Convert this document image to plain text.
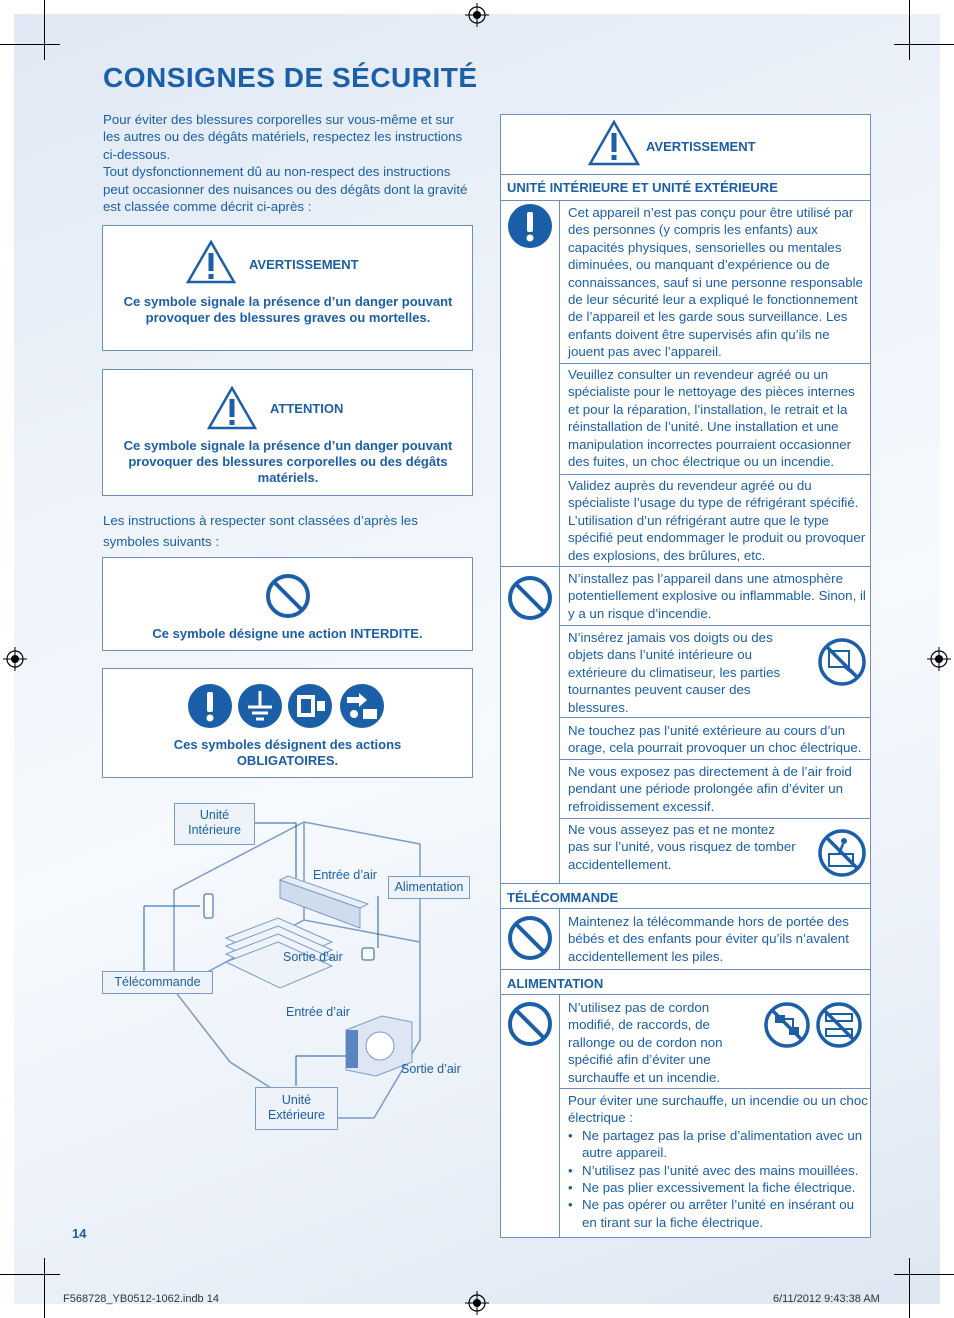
CONSIGNES DE SÉCURITÉ
Pour éviter des blessures corporelles sur vous-même et sur les autres ou des dégâts matériels, respectez les instructions ci-dessous.
Tout dysfonctionnement dû au non-respect des instructions peut occasionner des nuisances ou des dégâts dont la gravité est classée comme décrit ci-après :
AVERTISSEMENT
Ce symbole signale la présence d’un danger pouvant provoquer des blessures graves ou mortelles.
ATTENTION
Ce symbole signale la présence d’un danger pouvant provoquer des blessures corporelles ou des dégâts matériels.
Les instructions à respecter sont classées d’après les
symboles suivants :
Ce symbole désigne une action INTERDITE.
Ces symboles désignent des actions
OBLIGATOIRES.
Unité
Intérieure
Entrée d’air
Alimentation
Sortie d’air
Télécommande
Entrée d’air
Sortie d’air
Unité
Extérieure
AVERTISSEMENT
UNITÉ INTÉRIEURE ET UNITÉ EXTÉRIEURE
Cet appareil n’est pas conçu pour être utilisé par des personnes (y compris les enfants) aux capacités physiques, sensorielles ou mentales diminuées, ou manquant d’expérience ou de connaissances, sauf si une personne responsable de leur sécurité leur a expliqué le fonctionnement de l’appareil et les garde sous surveillance. Les enfants doivent être supervisés afin qu’ils ne jouent pas avec l’appareil.
Veuillez consulter un revendeur agréé ou un spécialiste pour le nettoyage des pièces internes et pour la réparation, l’installation, le retrait et la réinstallation de l’unité. Une installation et une manipulation incorrectes pourraient occasionner des fuites, un choc électrique ou un incendie.
Validez auprès du revendeur agréé ou du spécialiste l’usage du type de réfrigérant spécifié. L’utilisation d’un réfrigérant autre que le type spécifié peut endommager le produit ou provoquer des explosions, des brûlures, etc.
N’installez pas l’appareil dans une atmosphère potentiellement explosive ou inflammable. Sinon, il y a un risque d’incendie.
N’insérez jamais vos doigts ou des objets dans l’unité intérieure ou extérieure du climatiseur, les parties tournantes peuvent causer des blessures.
Ne touchez pas l’unité extérieure au cours d’un orage, cela pourrait provoquer un choc électrique.
Ne vous exposez pas directement à de l’air froid pendant une période prolongée afin d’éviter un refroidissement excessif.
Ne vous asseyez pas et ne montez pas sur l’unité, vous risquez de tomber accidentellement.
TÉLÉCOMMANDE
Maintenez la télécommande hors de portée des bébés et des enfants pour éviter qu’ils n’avalent accidentellement les piles.
ALIMENTATION
N’utilisez pas de cordon modifié, de raccords, de rallonge ou de cordon non spécifié afin d’éviter une surchauffe et un incendie.
Pour éviter une surchauffe, un incendie ou un choc électrique :
• Ne partagez pas la prise d’alimentation avec un autre appareil.
• N’utilisez pas l’unité avec des mains mouillées.
• Ne pas plier excessivement la fiche électrique.
• Ne pas opérer ou arrêter l’unité en insérant ou en tirant sur la fiche électrique.
14
F568728_YB0512-1062.indb 14	6/11/2012 9:43:38 AM
